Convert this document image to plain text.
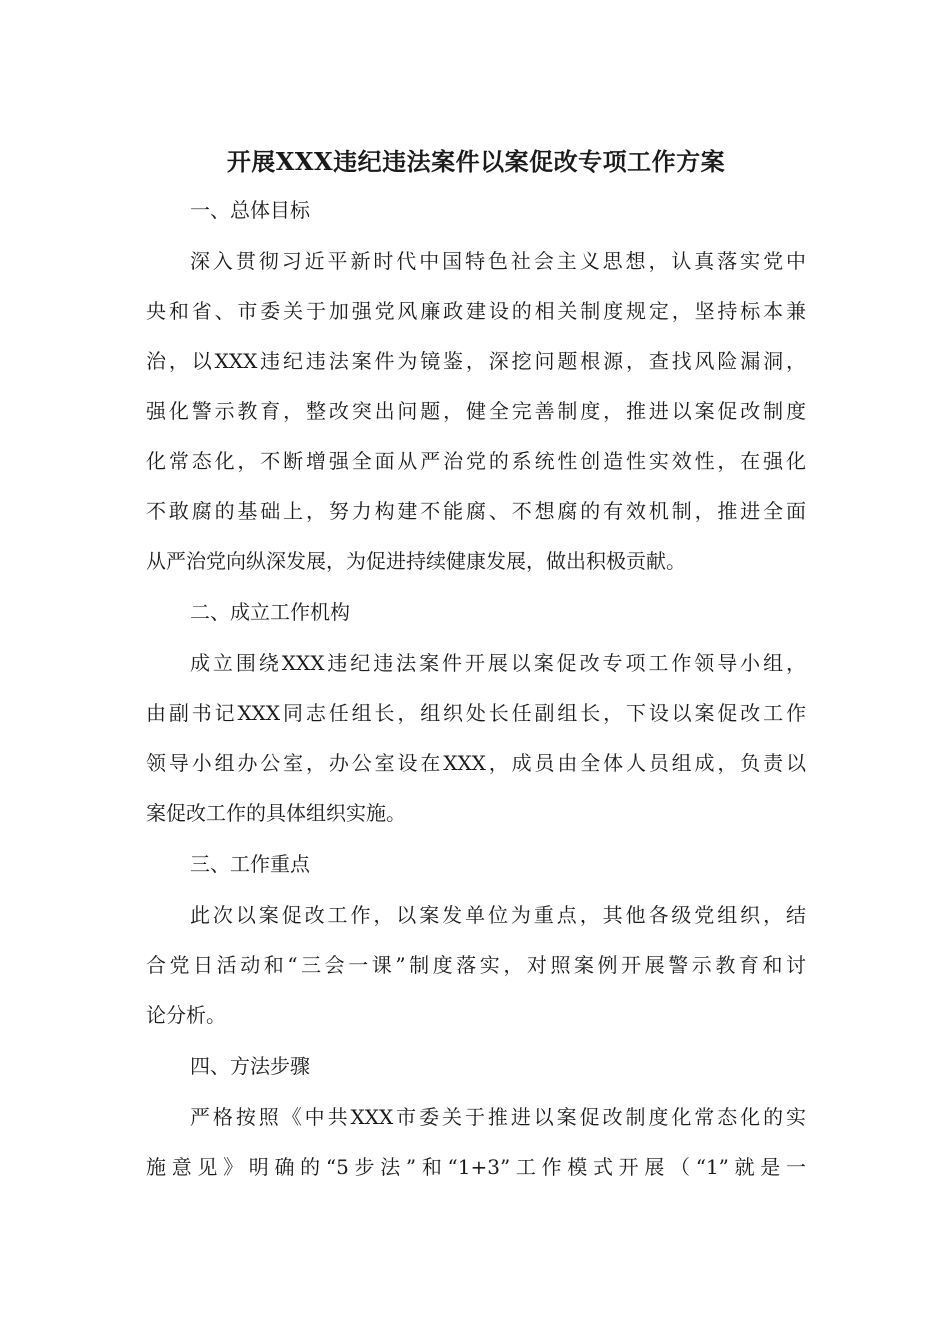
开展XXX违纪违法案件以案促改专项工作方案
一、总体目标
深入贯彻习近平新时代中国特色社会主义思想，认真落实党中
央和省、市委关于加强党风廉政建设的相关制度规定，坚持标本兼
治，以XXX违纪违法案件为镜鉴，深挖问题根源，查找风险漏洞，
强化警示教育，整改突出问题，健全完善制度，推进以案促改制度
化常态化，不断增强全面从严治党的系统性创造性实效性，在强化
不敢腐的基础上，努力构建不能腐、不想腐的有效机制，推进全面
从严治党向纵深发展，为促进持续健康发展，做出积极贡献。
二、成立工作机构
成立围绕XXX违纪违法案件开展以案促改专项工作领导小组，
由副书记XXX同志任组长，组织处长任副组长，下设以案促改工作
领导小组办公室，办公室设在XXX，成员由全体人员组成，负责以
案促改工作的具体组织实施。
三、工作重点
此次以案促改工作，以案发单位为重点，其他各级党组织，结
合党日活动和“三会一课”制度落实，对照案例开展警示教育和讨
论分析。
四、方法步骤
严格按照《中共XXX市委关于推进以案促改制度化常态化的实
施意见》明确的“5步法”和“1+3”工作模式开展（“1”就是一
